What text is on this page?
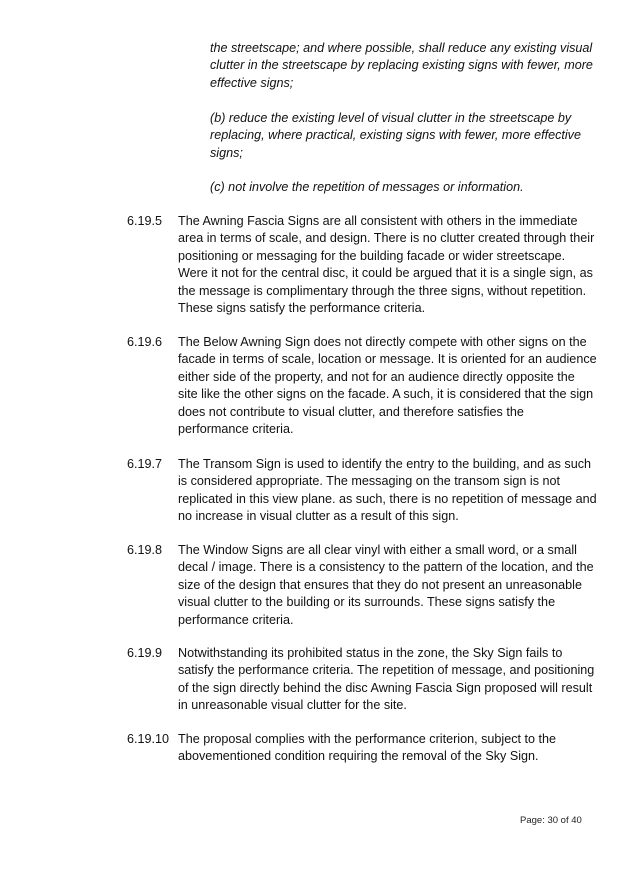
the streetscape; and where possible, shall reduce any existing visual clutter in the streetscape by replacing existing signs with fewer, more effective signs;

(b) reduce the existing level of visual clutter in the streetscape by replacing, where practical, existing signs with fewer, more effective signs;

(c) not involve the repetition of messages or information.

6.19.5	The Awning Fascia Signs are all consistent with others in the immediate area in terms of scale, and design. There is no clutter created through their positioning or messaging for the building facade or wider streetscape. Were it not for the central disc, it could be argued that it is a single sign, as the message is complimentary through the three signs, without repetition. These signs satisfy the performance criteria.
6.19.6	The Below Awning Sign does not directly compete with other signs on the facade in terms of scale, location or message. It is oriented for an audience either side of the property, and not for an audience directly opposite the site like the other signs on the facade. A such, it is considered that the sign does not contribute to visual clutter, and therefore satisfies the performance criteria.
6.19.7	The Transom Sign is used to identify the entry to the building, and as such is considered appropriate. The messaging on the transom sign is not replicated in this view plane. as such, there is no repetition of message and no increase in visual clutter as a result of this sign.
6.19.8	The Window Signs are all clear vinyl with either a small word, or a small decal / image. There is a consistency to the pattern of the location, and the size of the design that ensures that they do not present an unreasonable visual clutter to the building or its surrounds. These signs satisfy the performance criteria.
6.19.9	Notwithstanding its prohibited status in the zone, the Sky Sign fails to satisfy the performance criteria. The repetition of message, and positioning of the sign directly behind the disc Awning Fascia Sign proposed will result in unreasonable visual clutter for the site.
6.19.10 The proposal complies with the performance criterion, subject to the abovementioned condition requiring the removal of the Sky Sign.
Page: 30 of 40
